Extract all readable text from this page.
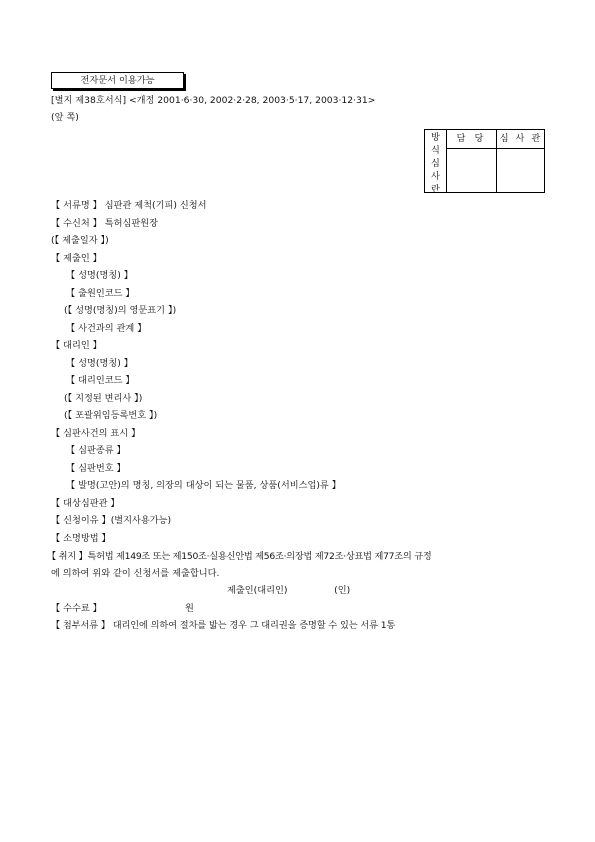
전자문서 이용가능
[별지 제38호서식] <개정 2001·6·30, 2002·2·28, 2003·5·17, 2003·12·31>
(앞 쪽)
방
식
심
사
란
담 당	심 사 관
【 서류명 】 심판관 제척(기피) 신청서
【 수신처 】 특허심판원장
(【 제출일자 】)
【 제출인 】
【 성명(명칭) 】
【 출원인코드 】
(【 성명(명칭)의 영문표기 】)
【 사건과의 관계 】
【 대리인 】
【 성명(명칭) 】
【 대리인코드 】
(【 지정된 변리사 】)
(【 포괄위임등록번호 】)
【 심판사건의 표시 】
【 심판종류 】
【 심판번호 】
【 발명(고안)의 명칭, 의장의 대상이 되는 물품, 상품(서비스업)류 】
【 대상심판관 】
【 신청이유 】(별지사용가능)
【 소명방법 】
【 취지 】특허법 제149조 또는 제150조·실용신안법 제56조·의장법 제72조·상표법 제77조의 규정
에 의하여 위와 같이 신청서를 제출합니다.
제출인(대리인)                (인)
【 수수료 】	원
【 첨부서류 】 대리인에 의하여 절차를 밟는 경우 그 대리권을 증명할 수 있는 서류 1통
